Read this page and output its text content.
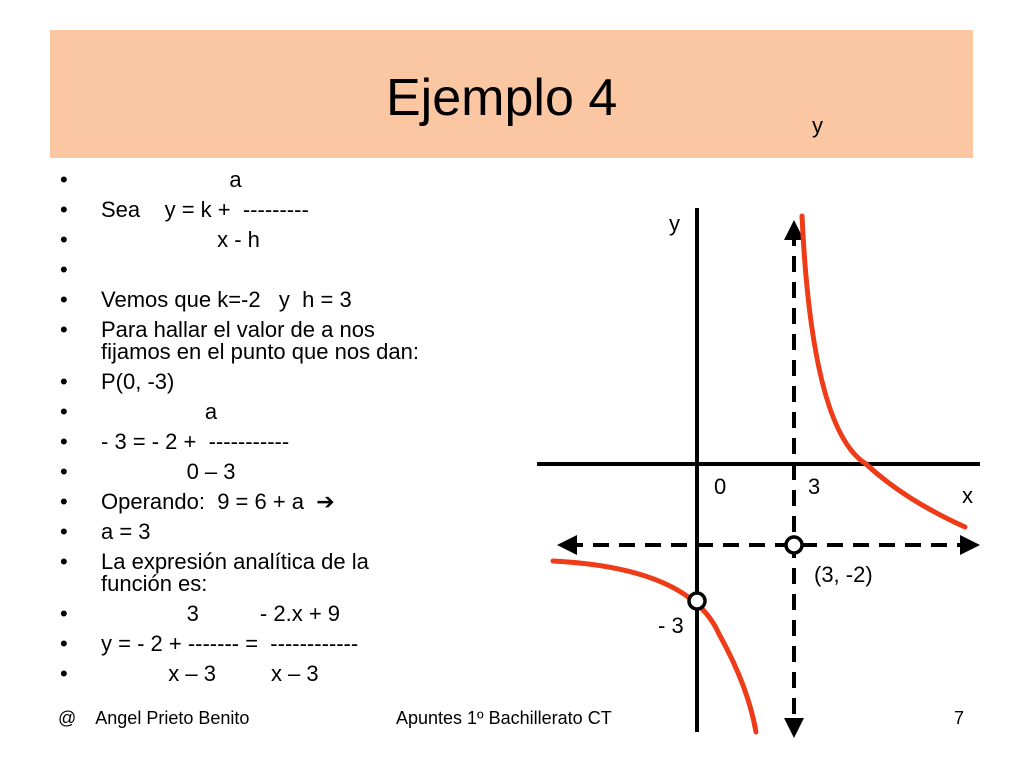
Ejemplo 4	y
•                      a
• Sea    y = k +  ---------
•                    x - h
•
• Vemos que k=-2   y  h = 3
• Para hallar el valor de a nos
fijamos en el punto que nos dan:
• P(0, -3)
•                  a
• - 3 = - 2 +  -----------
•               0 – 3
• Operando:  9 = 6 + a  ➔
• a = 3
• La expresión analítica de la
función es:
•               3          - 2.x + 9
• y = - 2 + ------- =  ------------
•            x – 3         x – 3
y
x
0	3
- 3
(3, -2)
@    Angel Prieto Benito	Apuntes 1º Bachillerato CT	7
